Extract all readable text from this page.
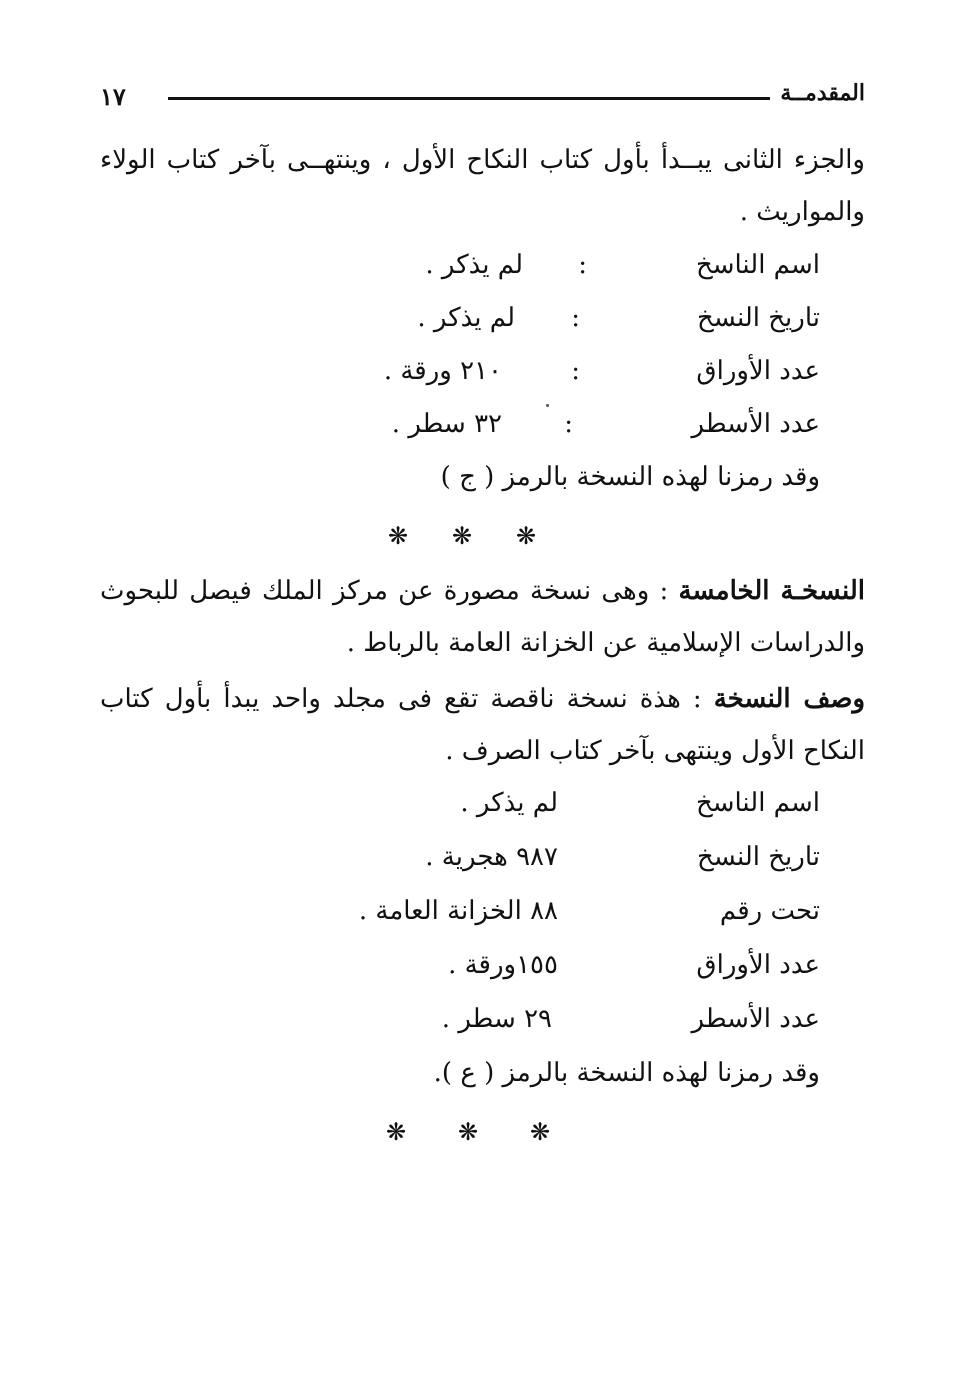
١٧	المقدمــة
والجزء الثانى يبــدأ بأول كتاب النكاح الأول ، وينتهــى بآخر كتاب الولاء والمواريث .
اسم الناسخ
:
لم يذكر .
تاريخ النسخ
:
لم يذكر .
عدد الأوراق
:
٢١٠ ورقة .
عدد الأسطر
:
٣٢ سطر .
وقد رمزنا لهذه النسخة بالرمز ( ج )
❋ ❋ ❋
النسخـة الخامسة : وهى نسخة مصورة عن مركز الملك فيصل للبحوث والدراسات الإسلامية عن الخزانة العامة بالرباط .
وصف النسخة : هذة نسخة ناقصة تقع فى مجلد واحد يبدأ بأول كتاب النكاح الأول وينتهى بآخر كتاب الصرف .
اسم الناسخ
لم يذكر .
تاريخ النسخ
٩٨٧ هجرية .
تحت رقم
٨٨ الخزانة العامة .
عدد الأوراق
١٥٥ورقة .
عدد الأسطر
٢٩ سطر .
وقد رمزنا لهذه النسخة بالرمز ( ع ).
❋ ❋ ❋
